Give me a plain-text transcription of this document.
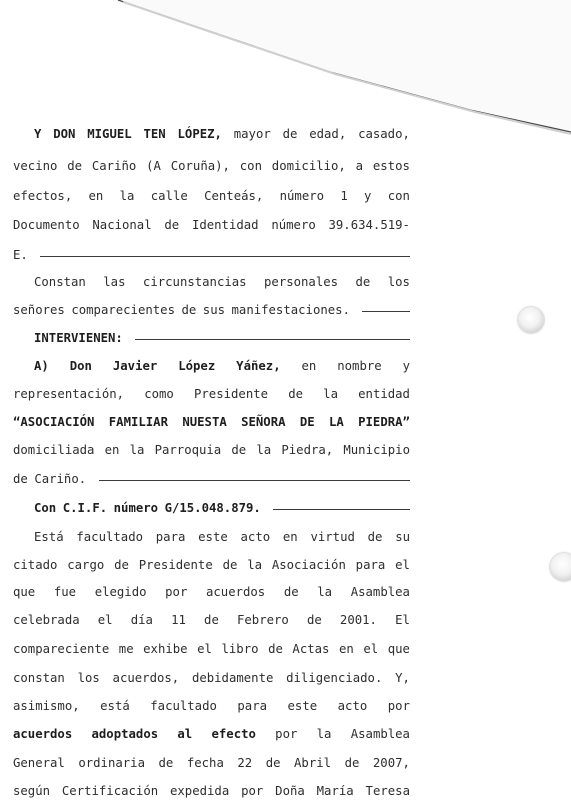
Y DON MIGUEL TEN LÓPEZ, mayor de edad, casado,
vecino de Cariño (A Coruña), con domicilio, a estos
efectos, en la calle Centeás, número 1 y con
Documento Nacional de Identidad número 39.634.519-
E.
Constan las circunstancias personales de los
señores comparecientes de sus manifestaciones.
INTERVIENEN:
A) Don Javier López Yáñez, en nombre y
representación, como Presidente de la entidad
“ASOCIACIÓN FAMILIAR NUESTA SEÑORA DE LA PIEDRA”
domiciliada en la Parroquia de la Piedra, Municipio
de Cariño.
Con C.I.F. número G/15.048.879.
Está facultado para este acto en virtud de su
citado cargo de Presidente de la Asociación para el
que fue elegido por acuerdos de la Asamblea
celebrada el día 11 de Febrero de 2001. El
compareciente me exhibe el libro de Actas en el que
constan los acuerdos, debidamente diligenciado. Y,
asimismo, está facultado para este acto por
acuerdos adoptados al efecto por la Asamblea
General ordinaria de fecha 22 de Abril de 2007,
según Certificación expedida por Doña María Teresa
